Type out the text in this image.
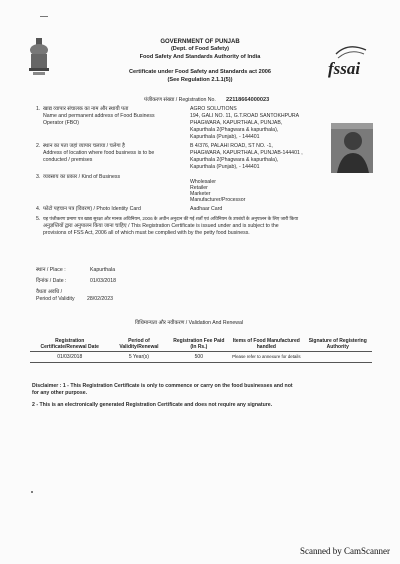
GOVERNMENT OF PUNJAB
(Dept. of Food Safety)
Food Safety And Standards Authority of India
Certificate under Food Safety and Standards act 2006
(See Regulation 2.1.1(5))
fssai
पंजीकरण संख्या / Registration No. 22118664000023
1. खाद्य व्यापार संचालक का नाम और स्थायी पता
Name and permanent address of Food Business
Operator (FBO)
AGRO SOLUTIONS
194, GALI NO. 11, G.T.ROAD SANTOKHPURA
PHAGWARA, KAPURTHALA, PUNJAB,
Kapurthala 2(Phagwara & kapurthala),
Kapurthala (Punjab), - 144401
2. स्थान का पता जहां व्यापार चलाया / चलेगा है
Address of location where food business is to be
conducted / premises
B 4/376, PALAHI ROAD, ST NO. -1,
PHAGWARA, KAPURTHALA, PUNJAB-144401 ,
Kapurthala 2(Phagwara & kapurthala),
Kapurthala (Punjab), - 144401
3. व्यवसाय का प्रकार / Kind of Business
Wholesaler
Retailer
Marketer
Manufacturer/Processor
4. फोटो पहचान पत्र (विवरण) / Photo Identity Card	Aadhaar Card
5. यह पंजीकरण प्रमाण पत्र खाद्य सुरक्षा और मानक अधिनियम, 2006 के अधीन अनुदान की गई शर्तों एवं अधिनियम के उपबंधों के अनुपालन के लिए जारी किया
अनुज्ञप्तियों द्वारा अनुपालन किया जाना चाहिए / This Registration Certificate is issued under and is subject to the
provisions of FSS Act, 2006 all of which must be complied with by the petty food business.
स्थान / Place :	Kapurthala
दिनांक / Date :	01/03/2018
वैधता अवधि /
Period of Validity 28/02/2023
विधिमान्यता और नवीकरण / Validation And Renewal
Registration Certificate/Renewal Date	Period of Validity/Renewal	Registration Fee Paid (In Rs.)	Items of Food Manufactured handled	Signature of Registering Authority
01/03/2018	5 Year(s)	500	Please refer to annexure for details	
Disclaimer : 1 - This Registration Certificate is only to commence or carry on the food businesses and not
for any other purpose.
2 - This is an electronically generated Registration Certificate and does not require any signature.
Scanned by CamScanner
